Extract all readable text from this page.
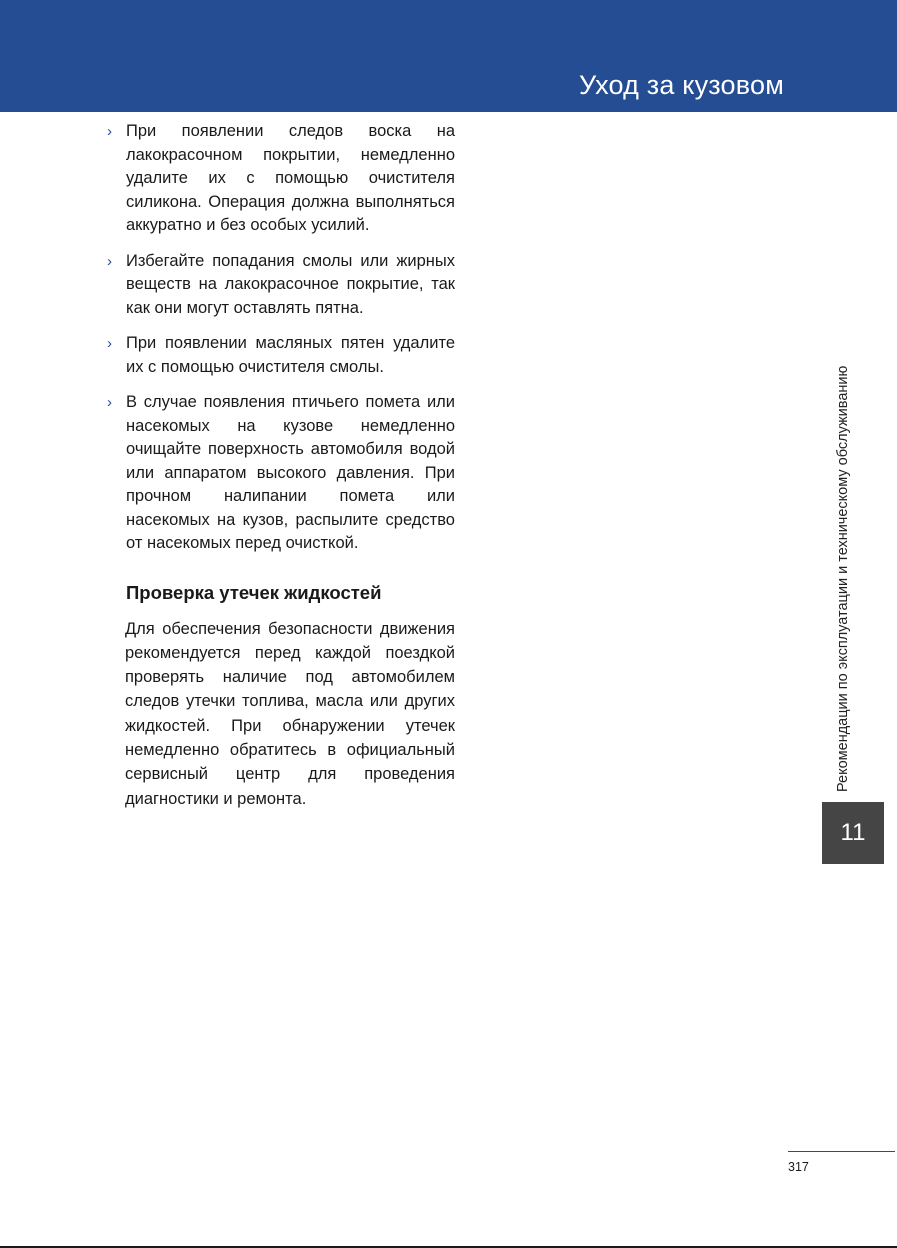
Уход за кузовом
› При появлении следов воска на лакокрасочном покрытии, немедленно удалите их с помощью очистителя силикона. Операция должна выполняться аккуратно и без особых усилий.
› Избегайте попадания смолы или жирных веществ на лакокрасочное покрытие, так как они могут оставлять пятна.
› При появлении масляных пятен удалите их с помощью очистителя смолы.
› В случае появления птичьего помета или насекомых на кузове немедленно очищайте поверхность автомобиля водой или аппаратом высокого давления. При прочном налипании помета или насекомых на кузов, распылите средство от насекомых перед очисткой.
Проверка утечек жидкостей
Для обеспечения безопасности движения рекомендуется перед каждой поездкой проверять наличие под автомобилем следов утечки топлива, масла или других жидкостей. При обнаружении утечек немедленно обратитесь в официальный сервисный центр для проведения диагностики и ремонта.
Рекомендации по эксплуатации и техническому обслуживанию
11
317
